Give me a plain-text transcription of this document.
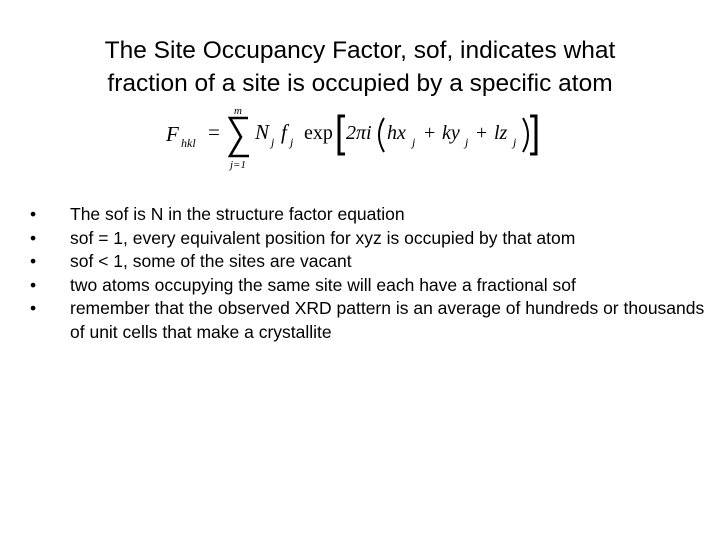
The Site Occupancy Factor, sof, indicates what
fraction of a site is occupied by a specific atom
F hkl =
m
j=1
N j f j exp 2πi hx j + ky j + lz j
•	The sof is N in the structure factor equation
•	sof = 1, every equivalent position for xyz is occupied by that atom
•	sof < 1, some of the sites are vacant
•	two atoms occupying the same site will each have a fractional sof
•	remember that the observed XRD pattern is an average of hundreds or thousands of unit cells that make a crystallite
